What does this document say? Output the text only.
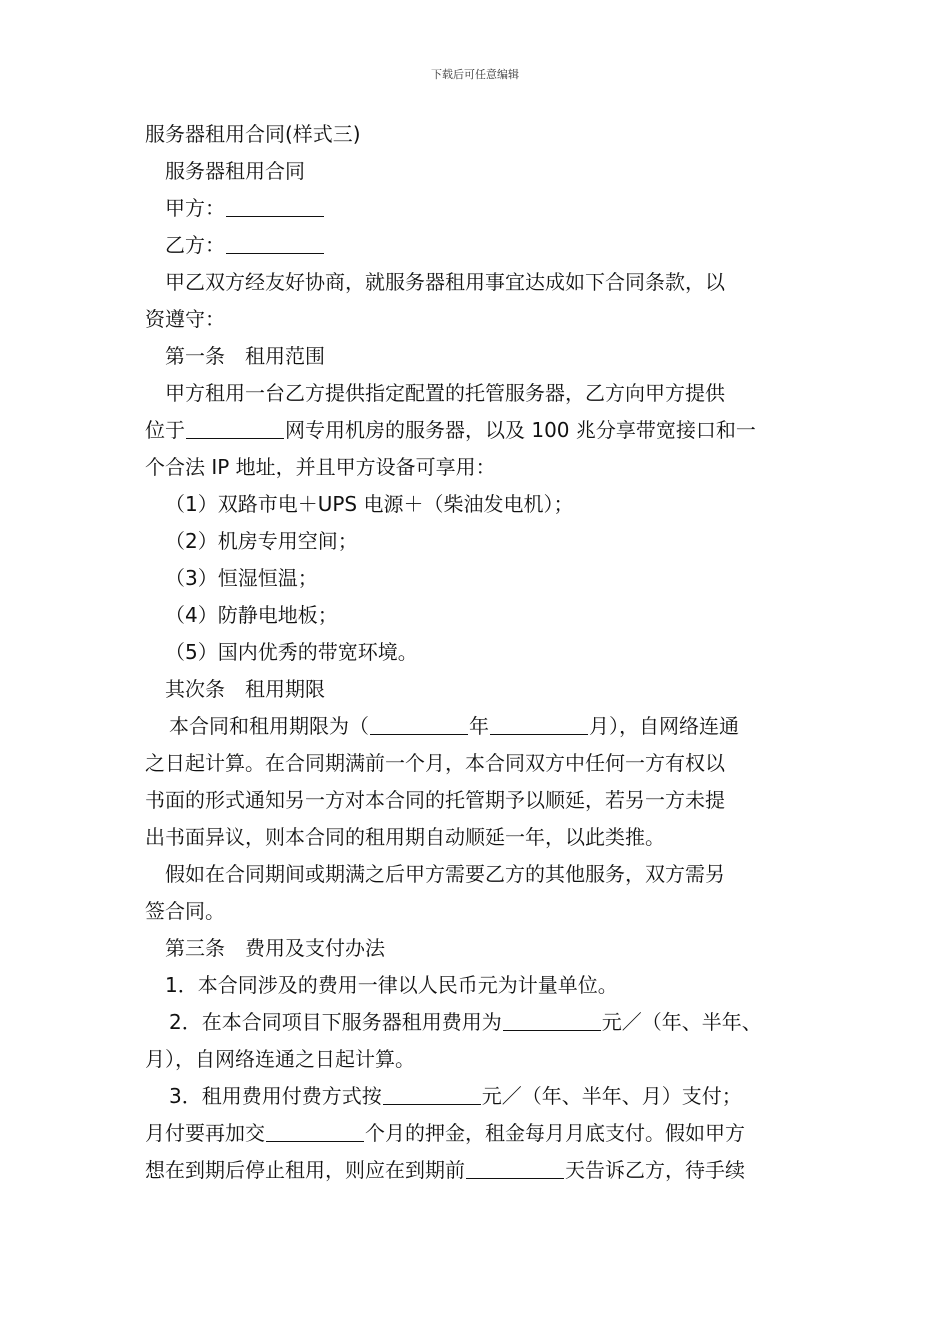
下载后可任意编辑
服务器租用合同(样式三)
服务器租用合同
甲方：
乙方：
甲乙双方经友好协商，就服务器租用事宜达成如下合同条款，以
资遵守：
第一条　租用范围
甲方租用一台乙方提供指定配置的托管服务器，乙方向甲方提供
位于	网专用机房的服务器，以及 100 兆分享带宽接口和一
个合法 IP 地址，并且甲方设备可享用：
（1）双路市电＋UPS 电源＋（柴油发电机）；
（2）机房专用空间；
（3）恒湿恒温；
（4）防静电地板；
（5）国内优秀的带宽环境。
其次条　租用期限
本合同和租用期限为（	年	月），自网络连通
之日起计算。在合同期满前一个月，本合同双方中任何一方有权以
书面的形式通知另一方对本合同的托管期予以顺延，若另一方未提
出书面异议，则本合同的租用期自动顺延一年，以此类推。
假如在合同期间或期满之后甲方需要乙方的其他服务，双方需另
签合同。
第三条　费用及支付办法
1．本合同涉及的费用一律以人民币元为计量单位。
2．在本合同项目下服务器租用费用为	元／（年、半年、
月），自网络连通之日起计算。
3．租用费用付费方式按	元／（年、半年、月）支付；
月付要再加交	个月的押金，租金每月月底支付。假如甲方
想在到期后停止租用，则应在到期前	天告诉乙方，待手续
